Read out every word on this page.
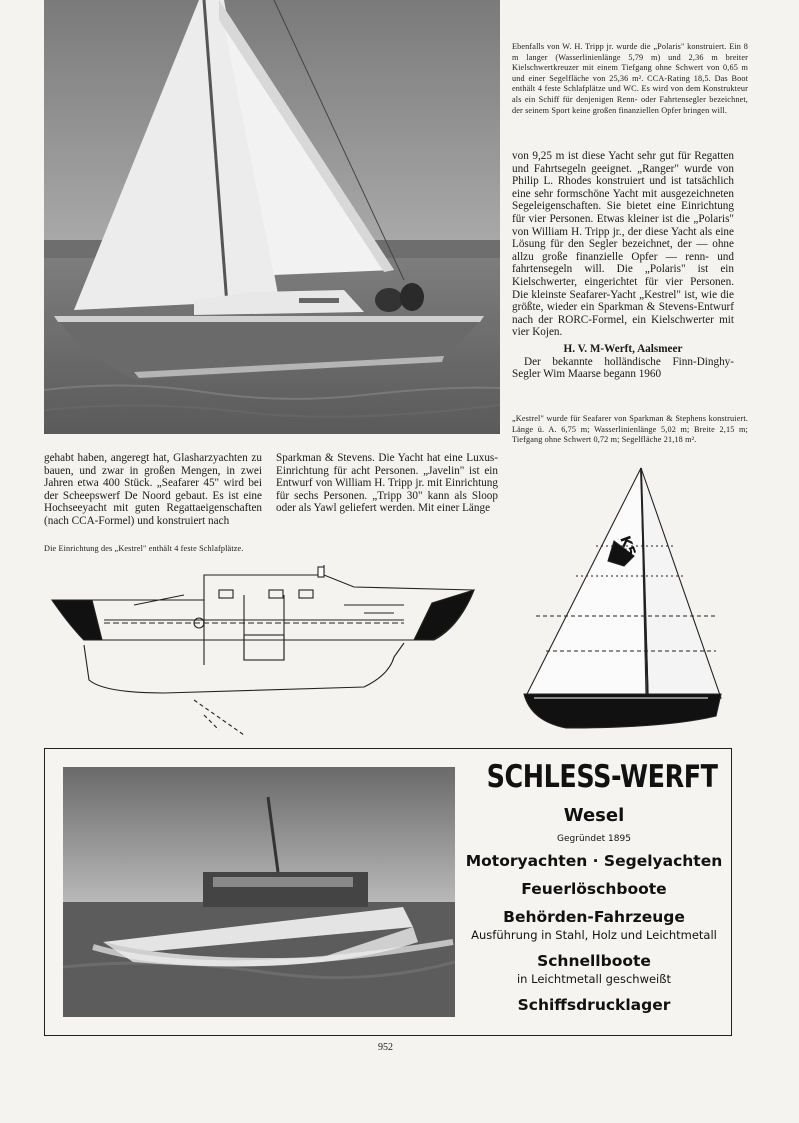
Ebenfalls von W. H. Tripp jr. wurde die „Polaris" konstruiert. Ein 8 m langer (Wasserlinienlänge 5,79 m) und 2,36 m breiter Kielschwertkreuzer mit einem Tiefgang ohne Schwert von 0,65 m und einer Segelfläche von 25,36 m². CCA-Rating 18,5. Das Boot enthält 4 feste Schlafplätze und WC. Es wird von dem Konstrukteur als ein Schiff für denjenigen Renn- oder Fahrtensegler bezeichnet, der seinem Sport keine großen finanziellen Opfer bringen will.

von 9,25 m ist diese Yacht sehr gut für Regatten und Fahrtsegeln geeignet. „Ranger" wurde von Philip L. Rhodes konstruiert und ist tatsächlich eine sehr formschöne Yacht mit ausgezeichneten Segeleigenschaften. Sie bietet eine Einrichtung für vier Personen. Etwas kleiner ist die „Polaris" von William H. Tripp jr., der diese Yacht als eine Lösung für den Segler bezeichnet, der — ohne allzu große finanzielle Opfer — renn- und fahrtensegeln will. Die „Polaris" ist ein Kielschwerter, eingerichtet für vier Personen. Die kleinste Seafarer-Yacht „Kestrel" ist, wie die größte, wieder ein Sparkman & Stevens-Entwurf nach der RORC-Formel, ein Kielschwerter mit vier Kojen.

H. V. M-Werft, Aalsmeer

Der bekannte holländische Finn-Dinghy-Segler Wim Maarse begann 1960

„Kestrel" wurde für Seafarer von Sparkman & Stephens konstruiert. Länge ü. A. 6,75 m; Wasserlinienlänge 5,02 m; Breite 2,15 m; Tiefgang ohne Schwert 0,72 m; Segelfläche 21,18 m².
gehabt haben, angeregt hat, Glasharzyachten zu bauen, und zwar in großen Mengen, in zwei Jahren etwa 400 Stück. „Seafarer 45" wird bei der Scheepswerf De Noord gebaut. Es ist eine Hochseeyacht mit guten Regattaeigenschaften (nach CCA-Formel) und konstruiert nach
Sparkman & Stevens. Die Yacht hat eine Luxus-Einrichtung für acht Personen. „Javelin" ist ein Entwurf von William H. Tripp jr. mit Einrichtung für sechs Personen. „Tripp 30" kann als Sloop oder als Yawl geliefert werden. Mit einer Länge
Die Einrichtung des „Kestrel" enthält 4 feste Schlafplätze.	K5
SCHLESS-WERFT
Wesel
Gegründet 1895
Motoryachten · Segelyachten
Feuerlöschboote
Behörden-Fahrzeuge
Ausführung in Stahl, Holz und Leichtmetall
Schnellboote
in Leichtmetall geschweißt
Schiffsdrucklager
952
